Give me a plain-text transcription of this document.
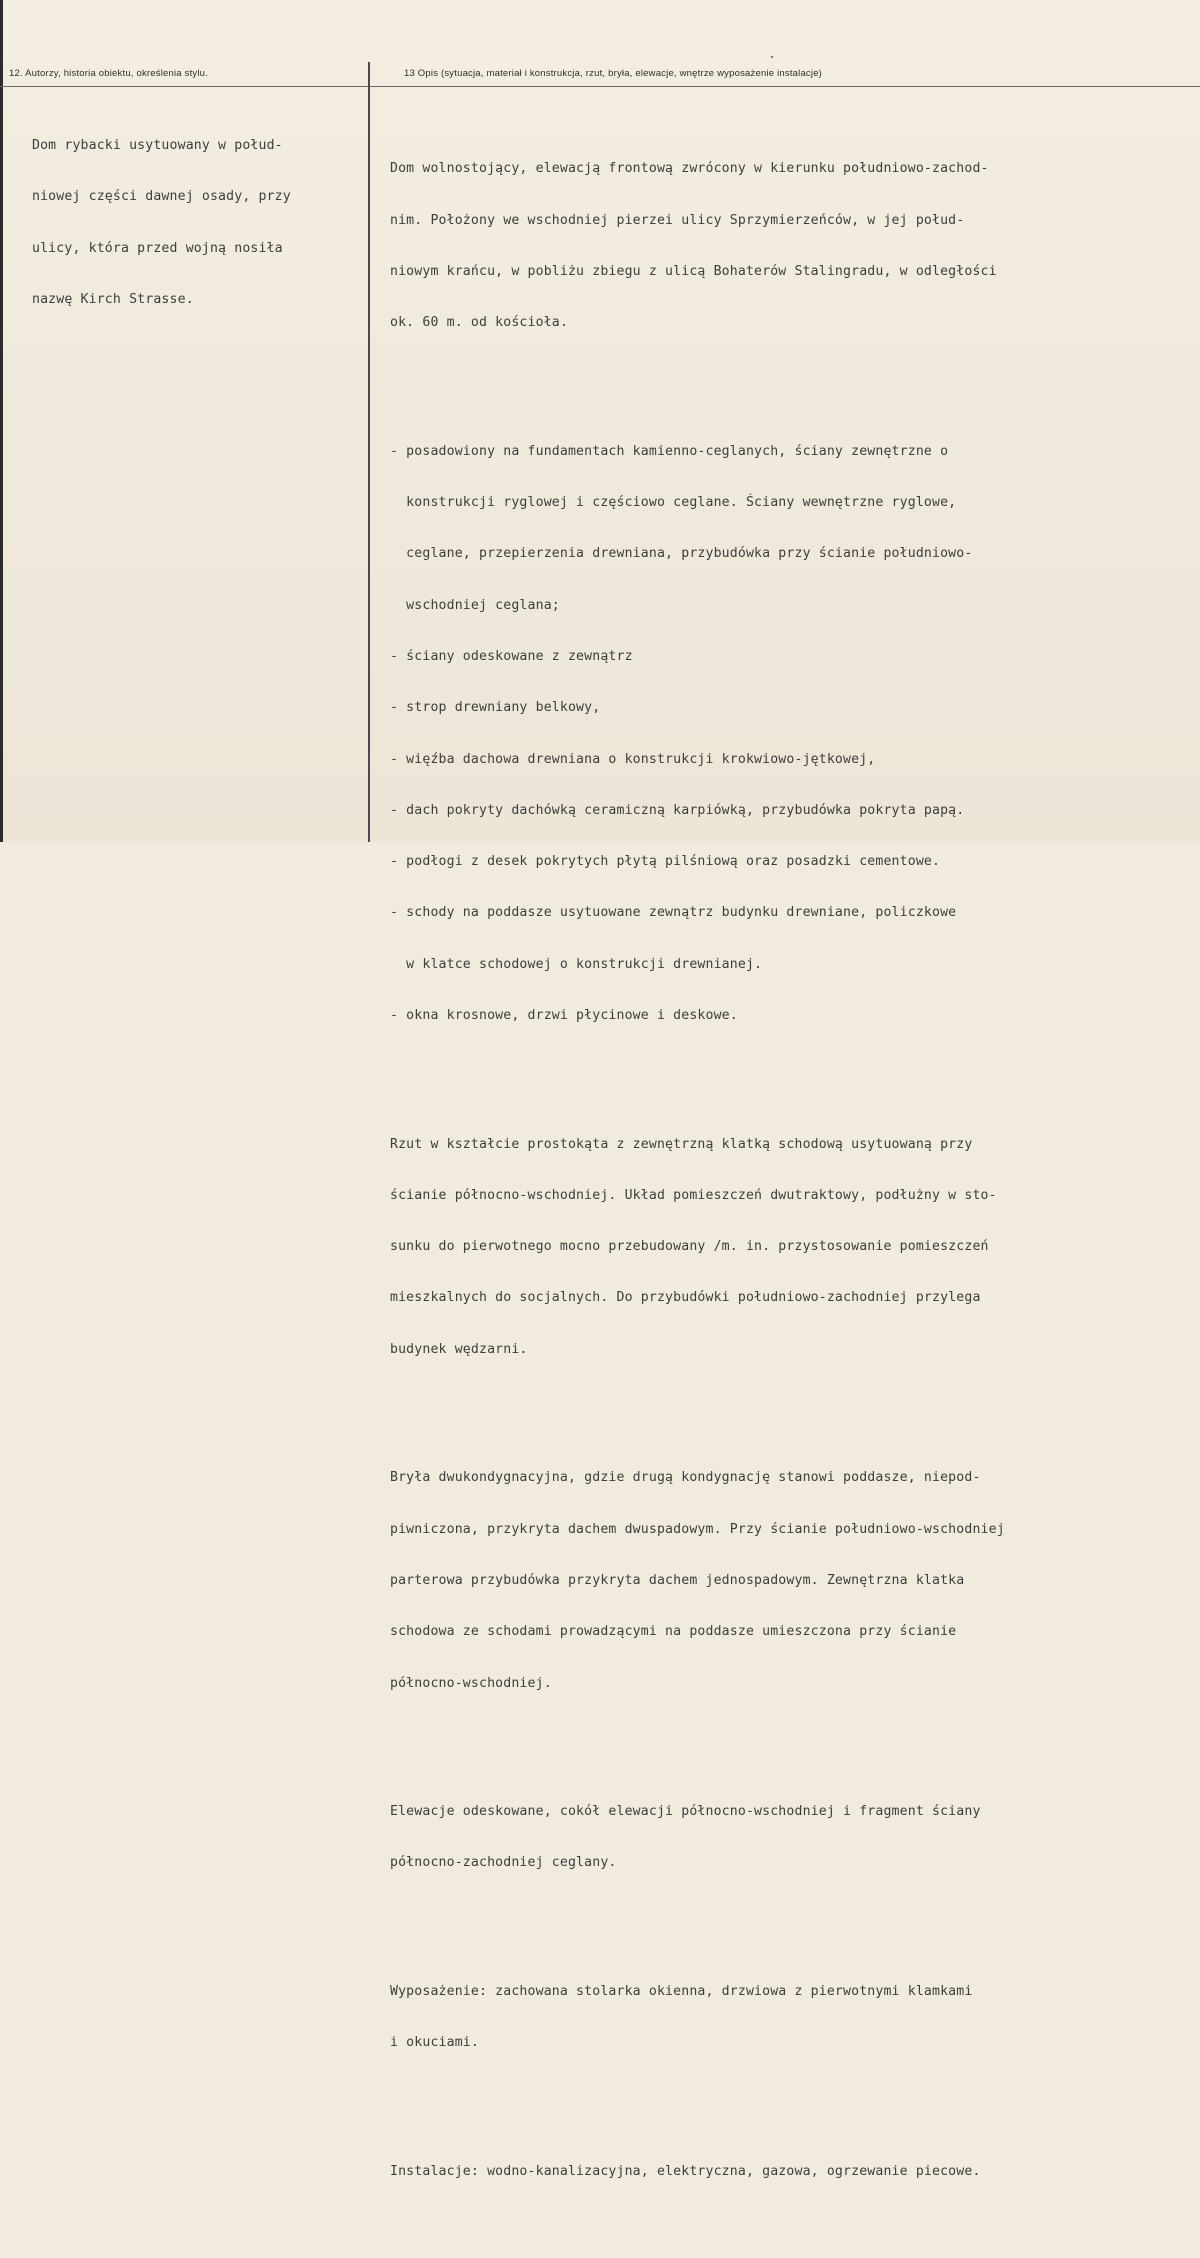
12. Autorzy, historia obiektu, określenia stylu.	13 Opis (sytuacja, materiał i konstrukcja, rzut, bryła, elewacje, wnętrze wyposażenie instalacje)

Dom rybacki usytuowany w połud-

niowej części dawnej osady, przy

ulicy, która przed wojną nosiła

nazwę Kirch Strasse.

Dom wolnostojący, elewacją frontową zwrócony w kierunku południowo-zachod-

nim. Położony we wschodniej pierzei ulicy Sprzymierzeńców, w jej połud-

niowym krańcu, w pobliżu zbiegu z ulicą Bohaterów Stalingradu, w odległości

ok. 60 m. od kościoła.

- posadowiony na fundamentach kamienno-ceglanych, ściany zewnętrzne o

konstrukcji ryglowej i częściowo ceglane. Ściany wewnętrzne ryglowe,

ceglane, przepierzenia drewniana, przybudówka przy ścianie południowo-

wschodniej ceglana;

- ściany odeskowane z zewnątrz

- strop drewniany belkowy,

- więźba dachowa drewniana o konstrukcji krokwiowo-jętkowej,

- dach pokryty dachówką ceramiczną karpiówką, przybudówka pokryta papą.

- podłogi z desek pokrytych płytą pilśniową oraz posadzki cementowe.

- schody na poddasze usytuowane zewnątrz budynku drewniane, policzkowe

w klatce schodowej o konstrukcji drewnianej.

- okna krosnowe, drzwi płycinowe i deskowe.

Rzut w kształcie prostokąta z zewnętrzną klatką schodową usytuowaną przy

ścianie północno-wschodniej. Układ pomieszczeń dwutraktowy, podłużny w sto-

sunku do pierwotnego mocno przebudowany /m. in. przystosowanie pomieszczeń

mieszkalnych do socjalnych. Do przybudówki południowo-zachodniej przylega

budynek wędzarni.

Bryła dwukondygnacyjna, gdzie drugą kondygnację stanowi poddasze, niepod-

piwniczona, przykryta dachem dwuspadowym. Przy ścianie południowo-wschodniej

parterowa przybudówka przykryta dachem jednospadowym. Zewnętrzna klatka

schodowa ze schodami prowadzącymi na poddasze umieszczona przy ścianie

północno-wschodniej.

Elewacje odeskowane, cokół elewacji północno-wschodniej i fragment ściany

północno-zachodniej ceglany.

Wyposażenie: zachowana stolarka okienna, drzwiowa z pierwotnymi klamkami

i okuciami.

Instalacje: wodno-kanalizacyjna, elektryczna, gazowa, ogrzewanie piecowe.
